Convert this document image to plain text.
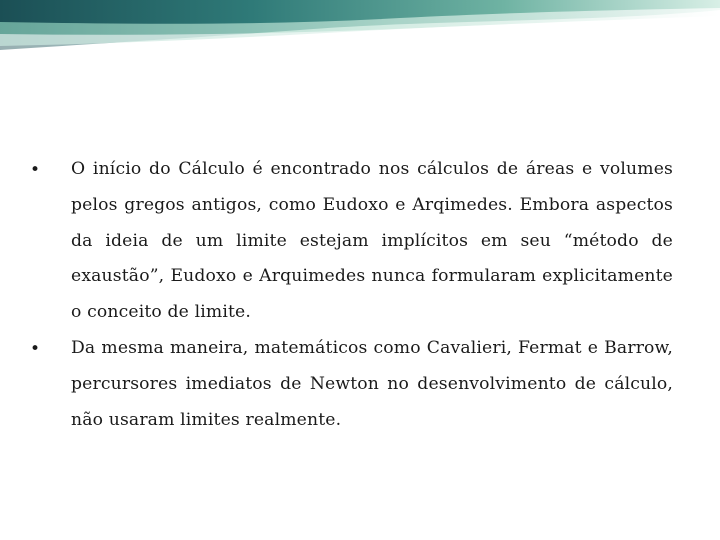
• O início do Cálculo é encontrado nos cálculos de áreas e volumes pelos gregos antigos, como Eudoxo e Arqimedes. Embora aspectos da ideia de um limite estejam implícitos em seu “método de exaustão”, Eudoxo e Arquimedes nunca formularam explicitamente o conceito de limite.
• Da mesma maneira, matemáticos como Cavalieri, Fermat e Barrow, percursores imediatos de Newton no desenvolvimento de cálculo, não usaram limites realmente.
